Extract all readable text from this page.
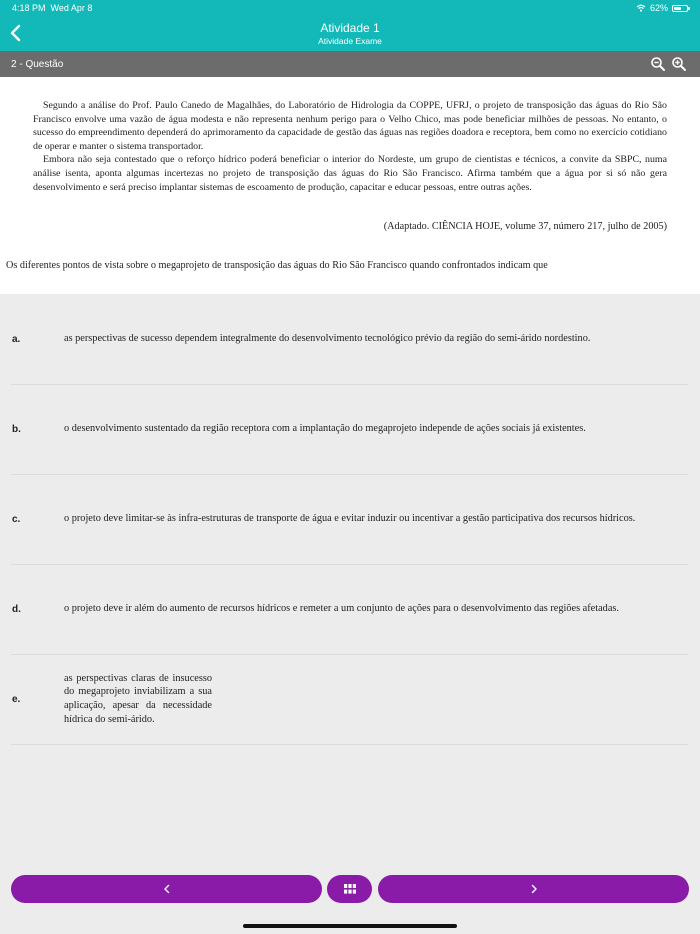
4:18 PM Wed Apr 8	62%
Atividade 1
Atividade Exame
2 - Questão

Segundo a análise do Prof. Paulo Canedo de Magalhães, do Laboratório de Hidrologia da COPPE, UFRJ, o projeto de transposição das águas do Rio São Francisco envolve uma vazão de água modesta e não representa nenhum perigo para o Velho Chico, mas pode beneficiar milhões de pessoas. No entanto, o sucesso do empreendimento dependerá do aprimoramento da capacidade de gestão das águas nas regiões doadora e receptora, bem como no exercício cotidiano de operar e manter o sistema transportador.

Embora não seja contestado que o reforço hídrico poderá beneficiar o interior do Nordeste, um grupo de cientistas e técnicos, a convite da SBPC, numa análise isenta, aponta algumas incertezas no projeto de transposição das águas do Rio São Francisco. Afirma também que a água por si só não gera desenvolvimento e será preciso implantar sistemas de escoamento de produção, capacitar e educar pessoas, entre outras ações.

(Adaptado. CIÊNCIA HOJE, volume 37, número 217, julho de 2005)
Os diferentes pontos de vista sobre o megaprojeto de transposição das águas do Rio São Francisco quando confrontados indicam que
a.	as perspectivas de sucesso dependem integralmente do desenvolvimento tecnológico prévio da região do semi-árido nordestino.
b.	o desenvolvimento sustentado da região receptora com a implantação do megaprojeto independe de ações sociais já existentes.
c.	o projeto deve limitar-se às infra-estruturas de transporte de água e evitar induzir ou incentivar a gestão participativa dos recursos hídricos.
d.	o projeto deve ir além do aumento de recursos hídricos e remeter a um conjunto de ações para o desenvolvimento das regiões afetadas.
e.
as perspectivas claras de insucesso do megaprojeto inviabilizam a sua aplicação, apesar da necessidade hídrica do semi-árido.
